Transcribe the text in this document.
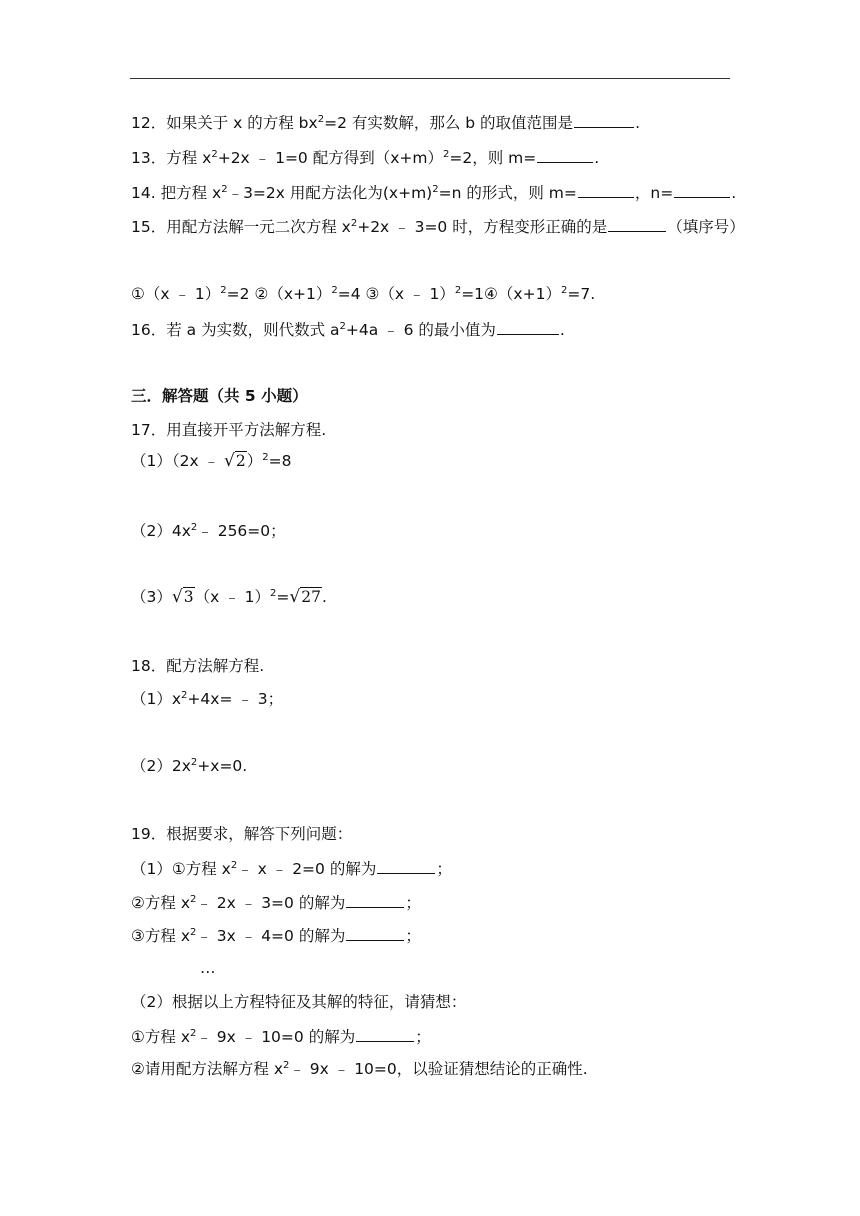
12．如果关于 x 的方程 $bx^2=2$ 有实数解，那么 b 的取值范围是	.
13．方程 $x^2+2x$ ﹣ 1=0 配方得到$(x+m)^2=2$，则 m=	.
14. 把方程 $x^2﹣3=2x$ 用配方法化为$(x+m)^2=n$ 的形式，则 m=	，n=	.
15．用配方法解一元二次方程 $x^2+2x$ ﹣ 3=0 时，方程变形正确的是	（填序号）
①（x ﹣ 1）$^2$=2 $②(x+1)^2=4$ ③（x ﹣ $1)^2=1④(x+1)^2=7$.
16．若 a 为实数，则代数式 $a^2+4a$ ﹣ 6 的最小值为	.
三．解答题（共 5 小题）
17．用直接开平方法解方程.
（1）（2x ﹣ √2）$^2$=8
$(2)4x^2﹣$ 256=0；
（3）√3（x ﹣ 1）$^2$=√27.
18．配方法解方程.
$(1)x^2+4x=$ ﹣ 3；
$(2)2x^2+x=0$.
19．根据要求，解答下列问题：
（1）①方程 $x^2﹣$ x ﹣ 2=0 的解为	；
②方程 $x^2﹣$ 2x ﹣ 3=0 的解为	；
③方程 $x^2﹣$ 3x ﹣ 4=0 的解为	；
…
（2）根据以上方程特征及其解的特征，请猜想：
①方程 $x^2﹣$ 9x ﹣ 10=0 的解为	；
②请用配方法解方程 $x^2﹣$ 9x ﹣ 10=0，以验证猜想结论的正确性.
